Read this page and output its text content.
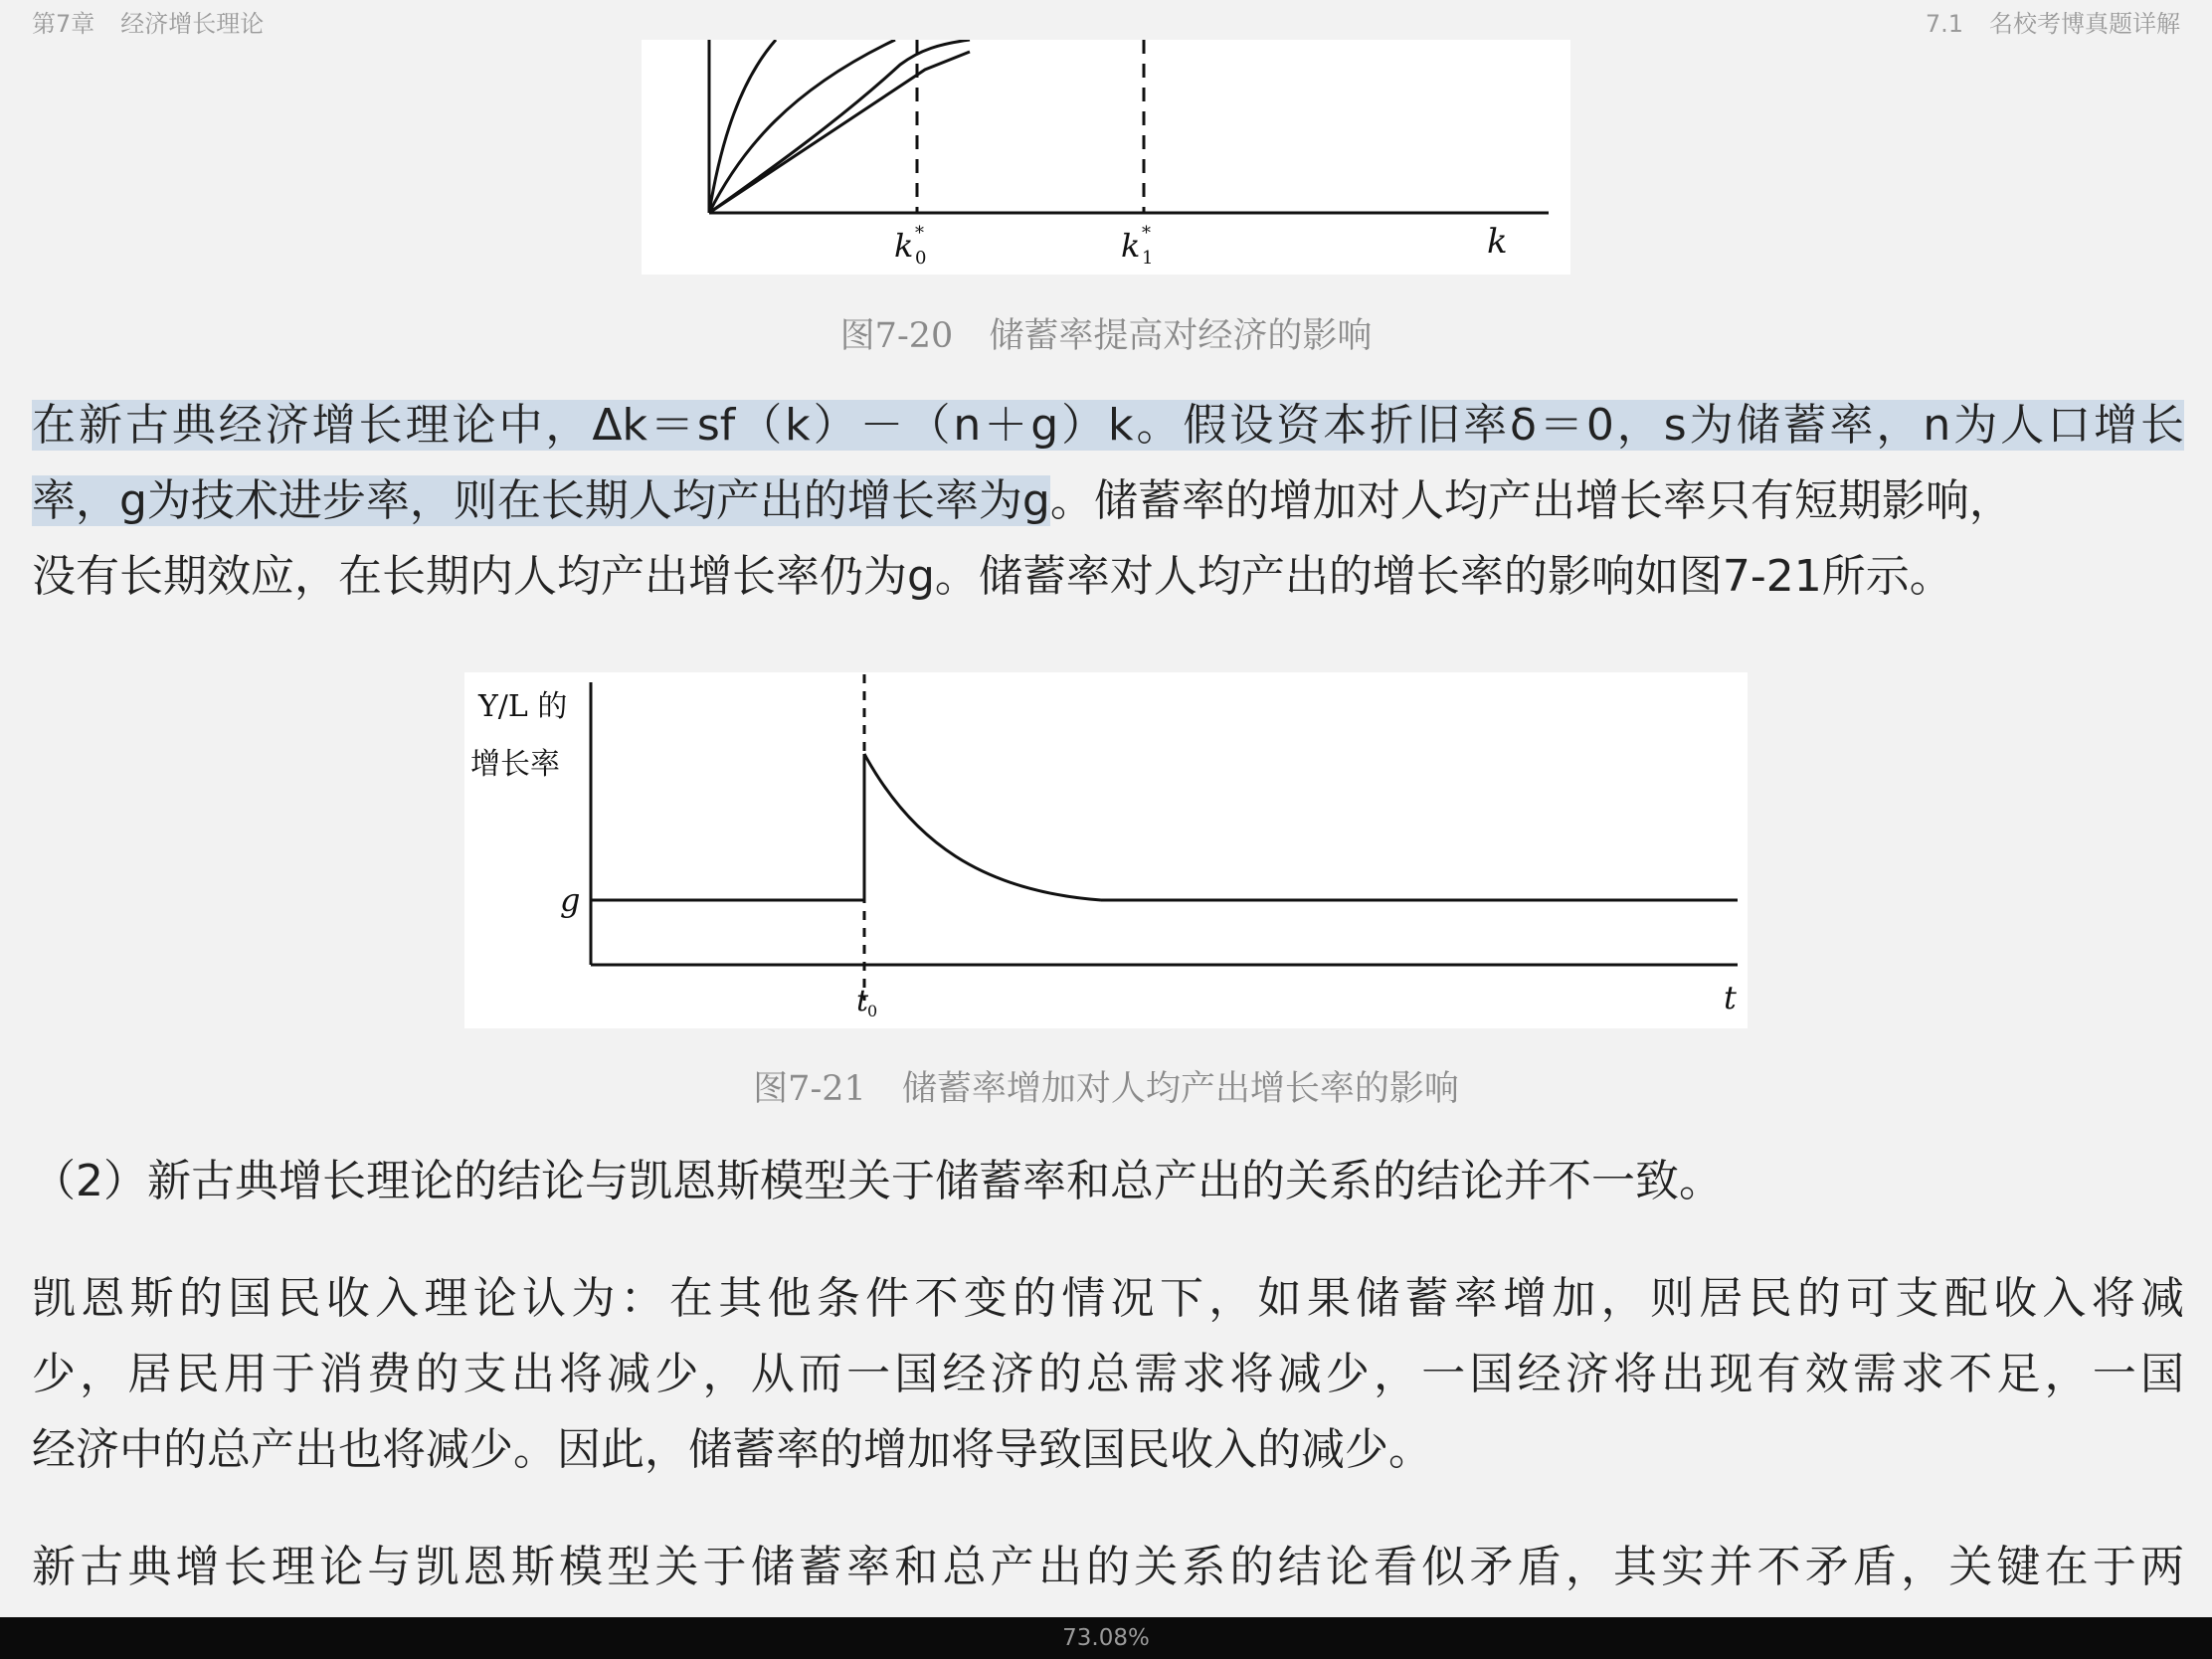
第7章 经济增长理论	7.1 名校考博真题详解
k *
0	k *
1	k
图7-20 储蓄率提高对经济的影响
在新古典经济增长理论中，Δk＝sf（k）－（n＋g）k。假设资本折旧率δ＝0，s为储蓄率，n为人口增长
率，g为技术进步率，则在长期人均产出的增长率为g。储蓄率的增加对人均产出增长率只有短期影响，
没有长期效应，在长期内人均产出增长率仍为g。储蓄率对人均产出的增长率的影响如图7-21所示。
Y/L 的
增长率
g
t
0	t
图7-21 储蓄率增加对人均产出增长率的影响
（2）新古典增长理论的结论与凯恩斯模型关于储蓄率和总产出的关系的结论并不一致。
凯恩斯的国民收入理论认为：在其他条件不变的情况下，如果储蓄率增加，则居民的可支配收入将减
少，居民用于消费的支出将减少，从而一国经济的总需求将减少，一国经济将出现有效需求不足，一国
经济中的总产出也将减少。因此，储蓄率的增加将导致国民收入的减少。
新古典增长理论与凯恩斯模型关于储蓄率和总产出的关系的结论看似矛盾，其实并不矛盾，关键在于两
73.08%
